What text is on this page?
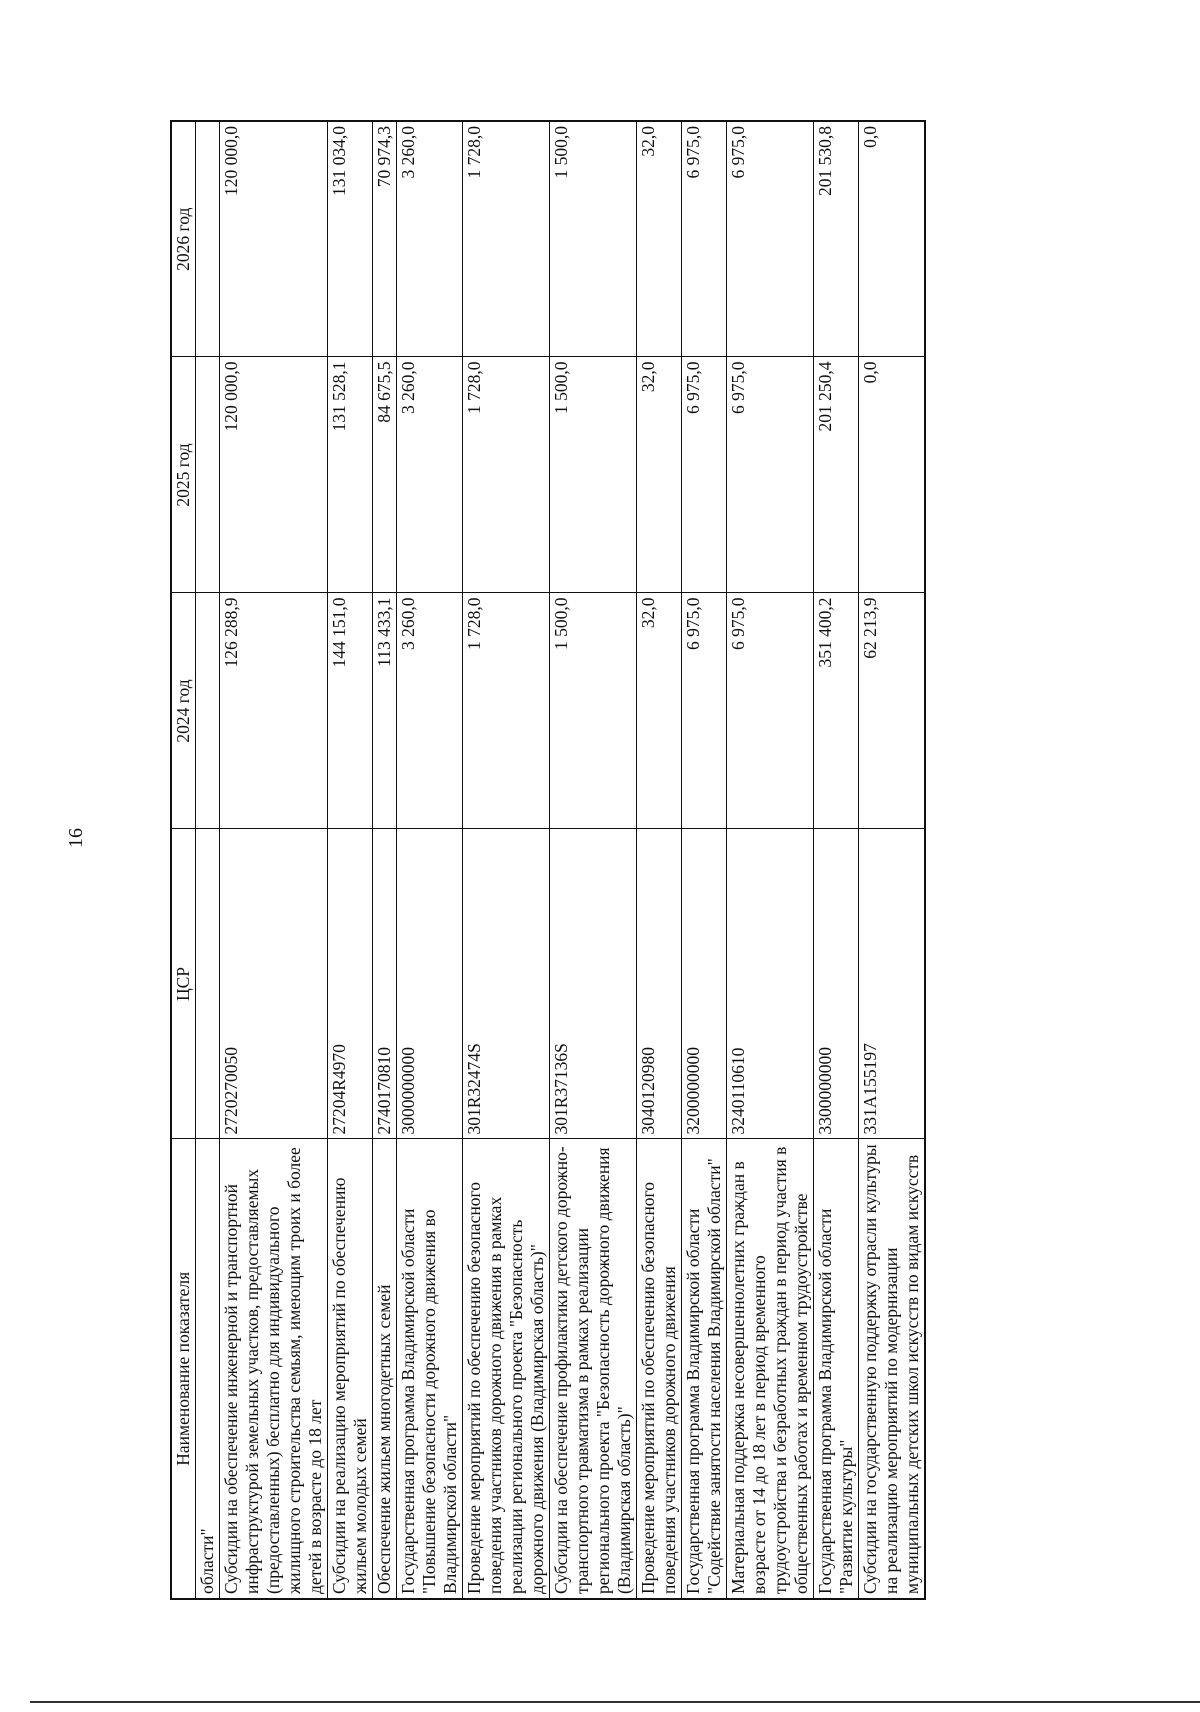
16
Наименование показателя	ЦСР	2024 год	2025 год	2026 год
области"				
Субсидии на обеспечение инженерной и транспортной инфраструктурой земельных участков, предоставляемых (предоставленных) бесплатно для индивидуального жилищного строительства семьям, имеющим троих и более детей в возрасте до 18 лет	2720270050	126 288,9	120 000,0	120 000,0
Субсидии на реализацию мероприятий по обеспечению жильем молодых семей	27204R4970	144 151,0	131 528,1	131 034,0
Обеспечение жильем многодетных семей	2740170810	113 433,1	84 675,5	70 974,3
Государственная программа Владимирской области "Повышение безопасности дорожного движения во Владимирской области"	3000000000	3 260,0	3 260,0	3 260,0
Проведение мероприятий по обеспечению безопасного поведения участников дорожного движения в рамках реализации регионального проекта "Безопасность дорожного движения (Владимирская область)"	301R32474S	1 728,0	1 728,0	1 728,0
Субсидии на обеспечение профилактики детского дорожно-транспортного травматизма в рамках реализации регионального проекта "Безопасность дорожного движения (Владимирская область)"	301R37136S	1 500,0	1 500,0	1 500,0
Проведение мероприятий по обеспечению безопасного поведения участников дорожного движения	3040120980	32,0	32,0	32,0
Государственная программа Владимирской области "Содействие занятости населения Владимирской области"	3200000000	6 975,0	6 975,0	6 975,0
Материальная поддержка несовершеннолетних граждан в возрасте от 14 до 18 лет в период временного трудоустройства и безработных граждан в период участия в общественных работах и временном трудоустройстве	3240110610	6 975,0	6 975,0	6 975,0
Государственная программа Владимирской области "Развитие культуры"	3300000000	351 400,2	201 250,4	201 530,8
Субсидии на государственную поддержку отрасли культуры на реализацию мероприятий по модернизации муниципальных детских школ искусств по видам искусств	331A155197	62 213,9	0,0	0,0
